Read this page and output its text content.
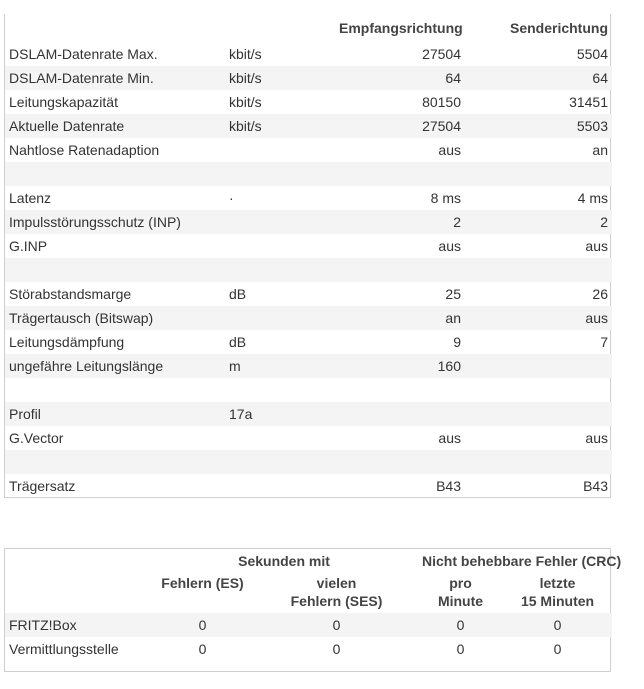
		Empfangsrichtung	Senderichtung
DSLAM-Datenrate Max.	kbit/s	27504	5504
DSLAM-Datenrate Min.	kbit/s	64	64
Leitungskapazität	kbit/s	80150	31451
Aktuelle Datenrate	kbit/s	27504	5503
Nahtlose Ratenadaption		aus	an

Latenz	·	8 ms	4 ms
Impulsstörungsschutz (INP)		2	2
G.INP		aus	aus

Störabstandsmarge	dB	25	26
Trägertausch (Bitswap)		an	aus
Leitungsdämpfung	dB	9	7
ungefähre Leitungslänge	m	160	

Profil	17a		
G.Vector		aus	aus

Trägersatz		B43	B43
	Sekunden mit		Nicht behebbare Fehler (CRC)	
	Fehlern (ES)	vielen	pro	letzte
		Fehlern (SES)	Minute	15 Minuten
FRITZ!Box	0	0	0	0
Vermittlungsstelle	0	0	0	0
